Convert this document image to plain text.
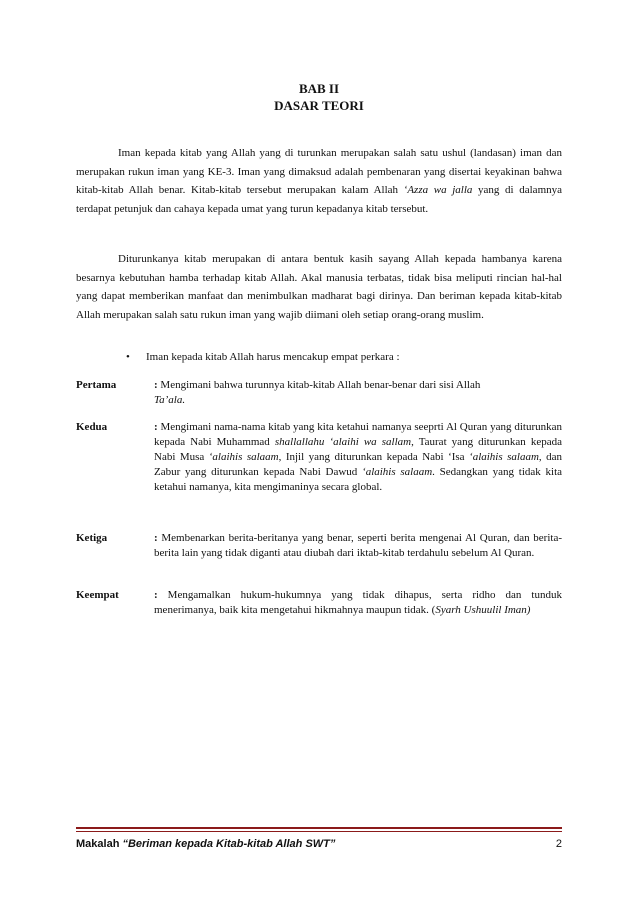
BAB II
DASAR TEORI

Iman kepada kitab yang Allah yang di turunkan merupakan salah satu ushul (landasan) iman dan merupakan rukun iman yang KE-3. Iman yang dimaksud adalah pembenaran yang disertai keyakinan bahwa kitab-kitab Allah benar. Kitab-kitab tersebut merupakan kalam Allah ‘Azza wa jalla yang di dalamnya terdapat petunjuk dan cahaya kepada umat yang turun kepadanya kitab tersebut.

Diturunkanya kitab merupakan di antara bentuk kasih sayang Allah kepada hambanya karena besarnya kebutuhan hamba terhadap kitab Allah. Akal manusia terbatas, tidak bisa meliputi rincian hal-hal yang dapat memberikan manfaat dan menimbulkan madharat bagi dirinya. Dan beriman kepada kitab-kitab Allah merupakan salah satu rukun iman yang wajib diimani oleh setiap orang-orang muslim.

• Iman kepada kitab Allah harus mencakup empat perkara :
Pertama	: Mengimani bahwa turunnya kitab-kitab Allah benar-benar dari sisi Allah
Ta’ala.
Kedua	: Mengimani nama-nama kitab yang kita ketahui namanya seeprti Al Quran yang diturunkan kepada Nabi Muhammad shallallahu ‘alaihi wa sallam, Taurat yang diturunkan kepada Nabi Musa ‘alaihis salaam, Injil yang diturunkan kepada Nabi ‘Isa ‘alaihis salaam, dan Zabur yang diturunkan kepada Nabi Dawud ‘alaihis salaam. Sedangkan yang tidak kita ketahui namanya, kita mengimaninya secara global.
Ketiga	: Membenarkan berita-beritanya yang benar, seperti berita mengenai Al Quran, dan berita-berita lain yang tidak diganti atau diubah dari iktab-kitab terdahulu sebelum Al Quran.
Keempat	: Mengamalkan hukum-hukumnya yang tidak dihapus, serta ridho dan tunduk menerimanya, baik kita mengetahui hikmahnya maupun tidak. (Syarh Ushuulil Iman)
Makalah “Beriman kepada Kitab-kitab Allah SWT”	2
